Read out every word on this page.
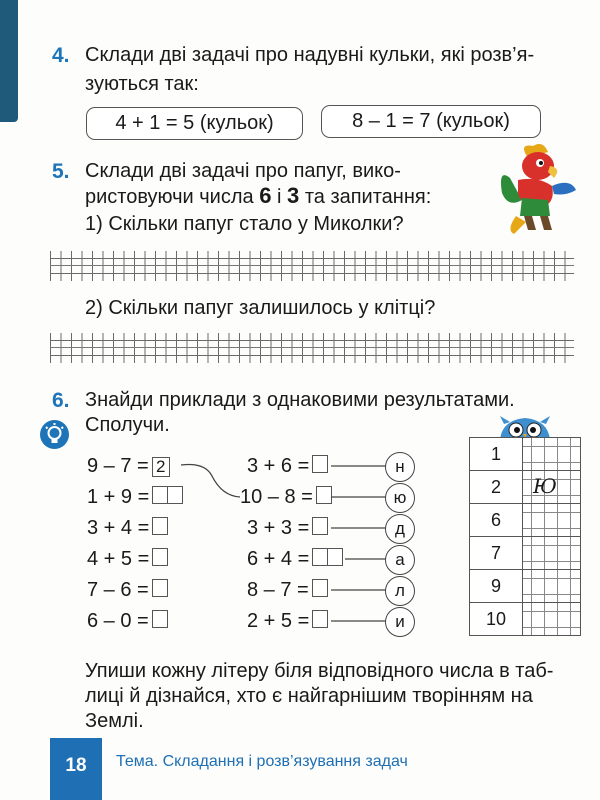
4. Склади дві задачі про надувні кульки, які розв’я-
зуються так:
4 + 1 = 5 (кульок)	8 – 1 = 7 (кульок)
5. Склади дві задачі про папуг, вико-
ристовуючи числа 6 і 3 та запитання:
1) Скільки папуг стало у Миколки?
2) Скільки папуг залишилось у клітці?
6. Знайди приклади з однаковими результатами.
Сполучи.
9 – 7 = 2
1 + 9 =
3 + 4 =
4 + 5 =
7 – 6 =
6 – 0 =
3 + 6 =
10 – 8 =
3 + 3 =
6 + 4 =
8 – 7 =
2 + 5 =
н
ю
д
а
л
и
1
2	Ю
6
7
9
10
Упиши кожну літеру біля відповідного числа в таб-
лиці й дізнайся, хто є найгарнішим творінням на
Землі.
18	Тема. Складання і розв’язування задач
